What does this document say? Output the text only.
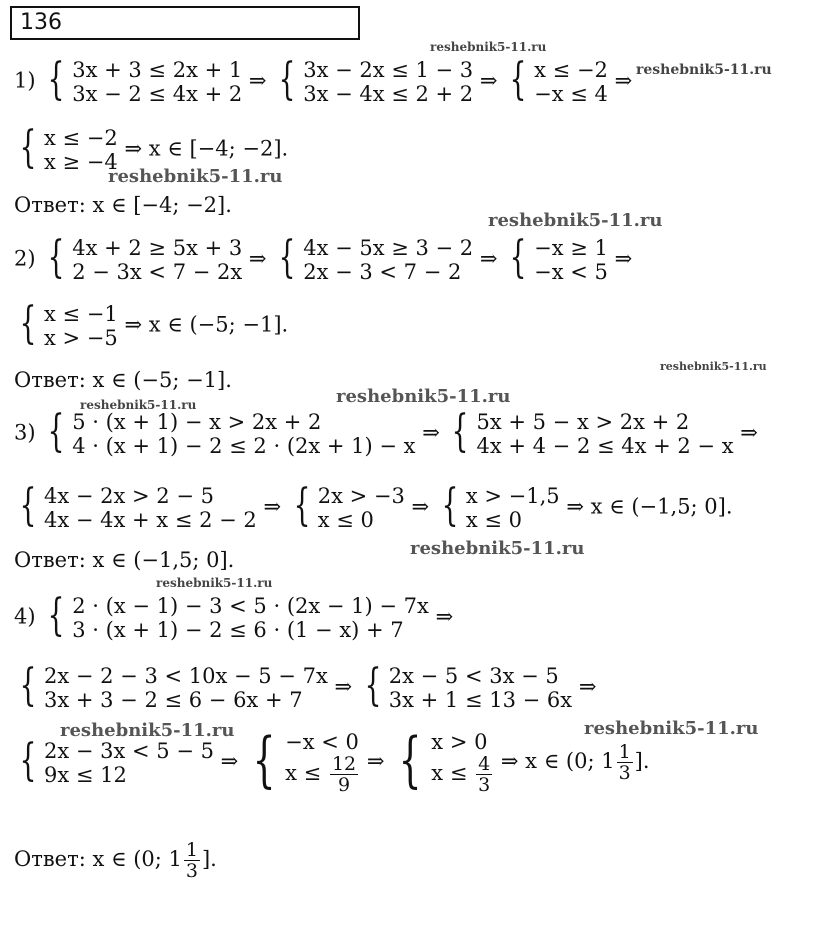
136
1) { 3x + 3 ≤ 2x + 1
3x − 2 ≤ 4x + 2
⇒ { 3x − 2x ≤ 1 − 3
3x − 4x ≤ 2 + 2
⇒ { x ≤ −2
−x ≤ 4
⇒
{ x ≤ −2
x ≥ −4
⇒ x ∈ [−4; −2].
Ответ: x ∈ [−4; −2].
2) { 4x + 2 ≥ 5x + 3
2 − 3x < 7 − 2x
⇒ { 4x − 5x ≥ 3 − 2
2x − 3 < 7 − 2
⇒ { −x ≥ 1
−x < 5
⇒
{ x ≤ −1
x > −5
⇒ x ∈ (−5; −1].
Ответ: x ∈ (−5; −1].
3) { 5 · (x + 1) − x > 2x + 2
4 · (x + 1) − 2 ≤ 2 · (2x + 1) − x
⇒ { 5x + 5 − x > 2x + 2
4x + 4 − 2 ≤ 4x + 2 − x
⇒
{ 4x − 2x > 2 − 5
4x − 4x + x ≤ 2 − 2
⇒ { 2x > −3
x ≤ 0
⇒ { x > −1,5
x ≤ 0
⇒ x ∈ (−1,5; 0].
Ответ: x ∈ (−1,5; 0].
4) { 2 · (x − 1) − 3 < 5 · (2x − 1) − 7x
3 · (x + 1) − 2 ≤ 6 · (1 − x) + 7
⇒
{ 2x − 2 − 3 < 10x − 5 − 7x
3x + 3 − 2 ≤ 6 − 6x + 7
⇒ { 2x − 5 < 3x − 5
3x + 1 ≤ 13 − 6x
⇒
{ 2x − 3x < 5 − 5
9x ≤ 12
⇒ { −x < 0
$x \le \frac{12}{9}$ ⇒ { x > 0
$x \le \frac{4}{3}$ ⇒ x ∈ (0; $1 \frac{1}{3}$ ].
Ответ: x ∈ (0; $1 \frac{1}{3}$ ].
reshebnik5-11.ru
reshebnik5-11.ru
reshebnik5-11.ru
reshebnik5-11.ru
reshebnik5-11.ru
reshebnik5-11.ru
reshebnik5-11.ru
reshebnik5-11.ru
reshebnik5-11.ru
reshebnik5-11.ru	reshebnik5-11.ru
